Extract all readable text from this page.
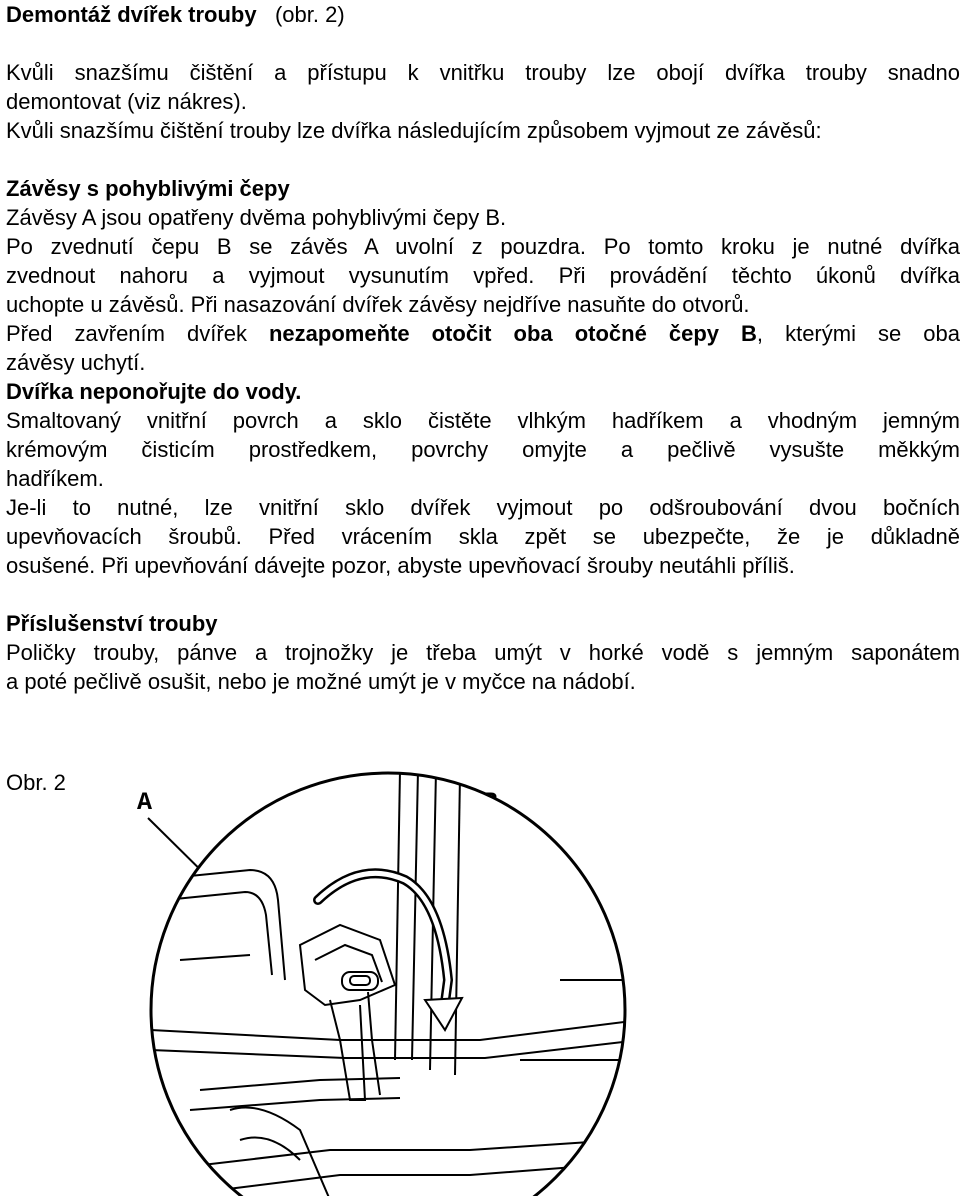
Demontáž dvířek trouby (obr. 2)

Kvůli snazšímu čištění a přístupu k vnitřku trouby lze obojí dvířka trouby snadno

demontovat (viz nákres).

Kvůli snazšímu čištění trouby lze dvířka následujícím způsobem vyjmout ze závěsů:

Závěsy s pohyblivými čepy

Závěsy A jsou opatřeny dvěma pohyblivými čepy B.

Po zvednutí čepu B se závěs A uvolní z pouzdra. Po tomto kroku je nutné dvířka

zvednout nahoru a vyjmout vysunutím vpřed. Při provádění těchto úkonů dvířka

uchopte u závěsů. Při nasazování dvířek závěsy nejdříve nasuňte do otvorů.

Před zavřením dvířek nezapomeňte otočit oba otočné čepy B, kterými se oba

závěsy uchytí.

Dvířka neponořujte do vody.

Smaltovaný vnitřní povrch a sklo čistěte vlhkým hadříkem a vhodným jemným

krémovým čisticím prostředkem, povrchy omyjte a pečlivě vysušte měkkým

hadříkem.

Je-li to nutné, lze vnitřní sklo dvířek vyjmout po odšroubování dvou bočních

upevňovacích šroubů. Před vrácením skla zpět se ubezpečte, že je důkladně

osušené. Při upevňování dávejte pozor, abyste upevňovací šrouby neutáhli příliš.

Příslušenství trouby

Poličky trouby, pánve a trojnožky je třeba umýt v horké vodě s jemným saponátem

a poté pečlivě osušit, nebo je možné umýt je v myčce na nádobí.

Obr. 2
A
